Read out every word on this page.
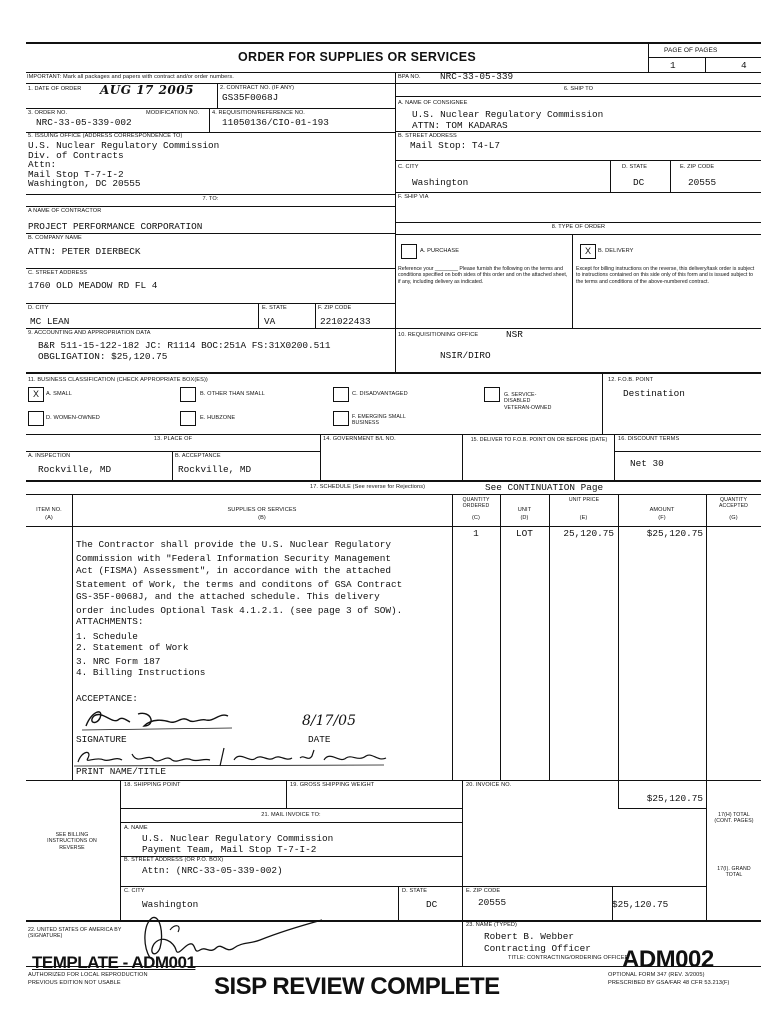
ORDER FOR SUPPLIES OR SERVICES	PAGE OF PAGES
1	4
IMPORTANT: Mark all packages and papers with contract and/or order numbers.	BPA NO. NRC-33-05-339
1. DATE OF ORDER AUG 17 2005	2. CONTRACT NO. (IF ANY)
GS35F0068J
6. SHIP TO
3. ORDER NO.	MODIFICATION NO.
NRC-33-05-339-002
4. REQUISITION/REFERENCE NO.
11050136/CIO-01-193
A. NAME OF CONSIGNEE
U.S. Nuclear Regulatory Commission
ATTN: TOM KADARAS
B. STREET ADDRESS
Mail Stop: T4-L7
C. CITY
Washington
D. STATE
DC
E. ZIP CODE
20555
F. SHIP VIA
5. ISSUING OFFICE (ADDRESS CORRESPONDENCE TO)
U.S. Nuclear Regulatory Commission
Div. of Contracts
Attn:
Mail Stop T-7-I-2
Washington, DC 20555
7. TO:
A NAME OF CONTRACTOR
PROJECT PERFORMANCE CORPORATION
B. COMPANY NAME
ATTN: PETER DIERBECK
C. STREET ADDRESS
1760 OLD MEADOW RD FL 4
D. CITY
MC LEAN
E. STATE
VA
F. ZIP CODE
221022433
8. TYPE OF ORDER
A. PURCHASE	X	B. DELIVERY
Reference your ________ Please furnish the following on the terms and conditions specified on both sides of this order and on the attached sheet, if any, including delivery as indicated.
Except for billing instructions on the reverse, this delivery/task order is subject to instructions contained on this side only of this form and is issued subject to the terms and conditions of the above-numbered contract.
9. ACCOUNTING AND APPROPRIATION DATA
B&R 511-15-122-182 JC: R1114 BOC:251A FS:31X0200.511
OBGLIGATION: $25,120.75
10. REQUISITIONING OFFICE	NSR
NSIR/DIRO
11. BUSINESS CLASSIFICATION (CHECK APPROPRIATE BOX(ES))
X	A. SMALL	B. OTHER THAN SMALL	C. DISADVANTAGED	G. SERVICE-DISABLED VETERAN-OWNED
D. WOMEN-OWNED	E. HUBZONE	F. EMERGING SMALL BUSINESS
12. F.O.B. POINT
Destination
13. PLACE OF	14. GOVERNMENT B/L NO.	15. DELIVER TO F.O.B. POINT ON OR BEFORE (DATE)	16. DISCOUNT TERMS
Net 30
A. INSPECTION
Rockville, MD
B. ACCEPTANCE
Rockville, MD
17. SCHEDULE (See reverse for Rejections)	See CONTINUATION Page
ITEM NO.
(A)
SUPPLIES OR SERVICES
(B)
QUANTITY ORDERED
(C)
UNIT
(D)
UNIT PRICE
(E)
AMOUNT
(F)
QUANTITY ACCEPTED
(G)
1	LOT	25,120.75	$25,120.75
The Contractor shall provide the U.S. Nuclear Regulatory
Commission with "Federal Information Security Management
Act (FISMA) Assessment", in accordance with the attached
Statement of Work, the terms and conditons of GSA Contract
GS-35F-0068J, and the attached schedule. This delivery
order includes Optional Task 4.1.2.1. (see page 3 of SOW).
ATTACHMENTS:
1. Schedule
2. Statement of Work
3. NRC Form 187
4. Billing Instructions
ACCEPTANCE:
8/17/05
SIGNATURE	DATE
PRINT NAME/TITLE
18. SHIPPING POINT	19. GROSS SHIPPING WEIGHT	20. INVOICE NO.
$25,120.75
21. MAIL INVOICE TO:
SEE BILLING INSTRUCTIONS ON REVERSE
A. NAME
U.S. Nuclear Regulatory Commission
Payment Team, Mail Stop T-7-I-2
B. STREET ADDRESS (OR P.O. BOX)
Attn: (NRC-33-05-339-002)
C. CITY
Washington
D. STATE
DC
E. ZIP CODE
20555	$25,120.75
17(H) TOTAL (CONT. PAGES)
17(I). GRAND TOTAL
22. UNITED STATES OF AMERICA BY (SIGNATURE)
23. NAME (TYPED)
Robert B. Webber
Contracting Officer
TITLE: CONTRACTING/ORDERING OFFICER
TEMPLATE - ADM001
AUTHORIZED FOR LOCAL REPRODUCTION
PREVIOUS EDITION NOT USABLE	SISP REVIEW COMPLETE
ADM002
OPTIONAL FORM 347 (REV. 3/2005)
PRESCRIBED BY GSA/FAR 48 CFR 53.213(F)
